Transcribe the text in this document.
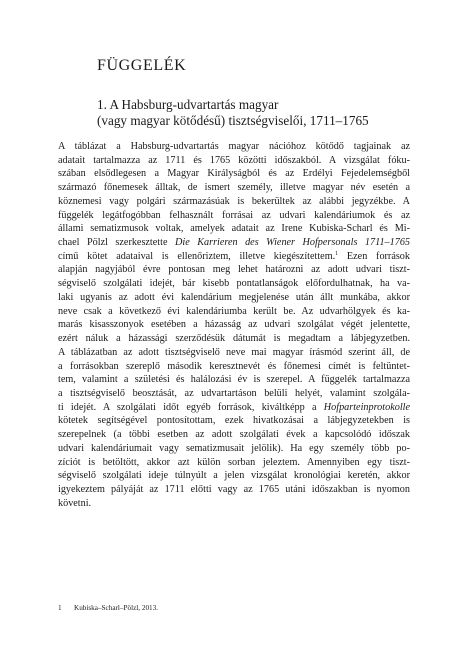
FÜGGELÉK
1. A Habsburg-udvartartás magyar
(vagy magyar kötődésű) tisztségviselői, 1711–1765
A táblázat a Habsburg-udvartartás magyar nációhoz kötődő tagjainak az
adatait tartalmazza az 1711 és 1765 közötti időszakból. A vizsgálat fóku-
szában elsődlegesen a Magyar Királyságból és az Erdélyi Fejedelemségből
származó főnemesek álltak, de ismert személy, illetve magyar név esetén a
köznemesi vagy polgári származásúak is bekerültek az alábbi jegyzékbe. A
függelék legátfogóbban felhasznált forrásai az udvari kalendáriumok és az
állami sematizmusok voltak, amelyek adatait az Irene Kubiska-Scharl és Mi-
chael Pölzl szerkesztette Die Karrieren des Wiener Hofpersonals 1711–1765
című kötet adataival is ellenőriztem, illetve kiegészítettem.$^1$ Ezen források
alapján nagyjából évre pontosan meg lehet határozni az adott udvari tiszt-
ségviselő szolgálati idejét, bár kisebb pontatlanságok előfordulhatnak, ha va-
laki ugyanis az adott évi kalendárium megjelenése után állt munkába, akkor
neve csak a következő évi kalendáriumba került be. Az udvarhölgyek és ka-
marás kisasszonyok esetében a házasság az udvari szolgálat végét jelentette,
ezért náluk a házassági szerződésük dátumát is megadtam a lábjegyzetben.
A táblázatban az adott tisztségviselő neve mai magyar írásmód szerint áll, de
a forrásokban szereplő második keresztnevét és főnemesi címét is feltüntet-
tem, valamint a születési és halálozási év is szerepel. A függelék tartalmazza
a tisztségviselő beosztását, az udvartartáson belüli helyét, valamint szolgála-
ti idejét. A szolgálati időt egyéb források, kiváltképp a Hofparteinprotokolle
kötetek segítségével pontosítottam, ezek hivatkozásai a lábjegyzetekben is
szerepelnek (a többi esetben az adott szolgálati évek a kapcsolódó időszak
udvari kalendáriumait vagy sematizmusait jelölik). Ha egy személy több po-
zíciót is betöltött, akkor azt külön sorban jeleztem. Amennyiben egy tiszt-
ségviselő szolgálati ideje túlnyúlt a jelen vizsgálat kronológiai keretén, akkor
igyekeztem pályáját az 1711 előtti vagy az 1765 utáni időszakban is nyomon
követni.

1 Kubiska–Scharl–Pölzl, 2013.
